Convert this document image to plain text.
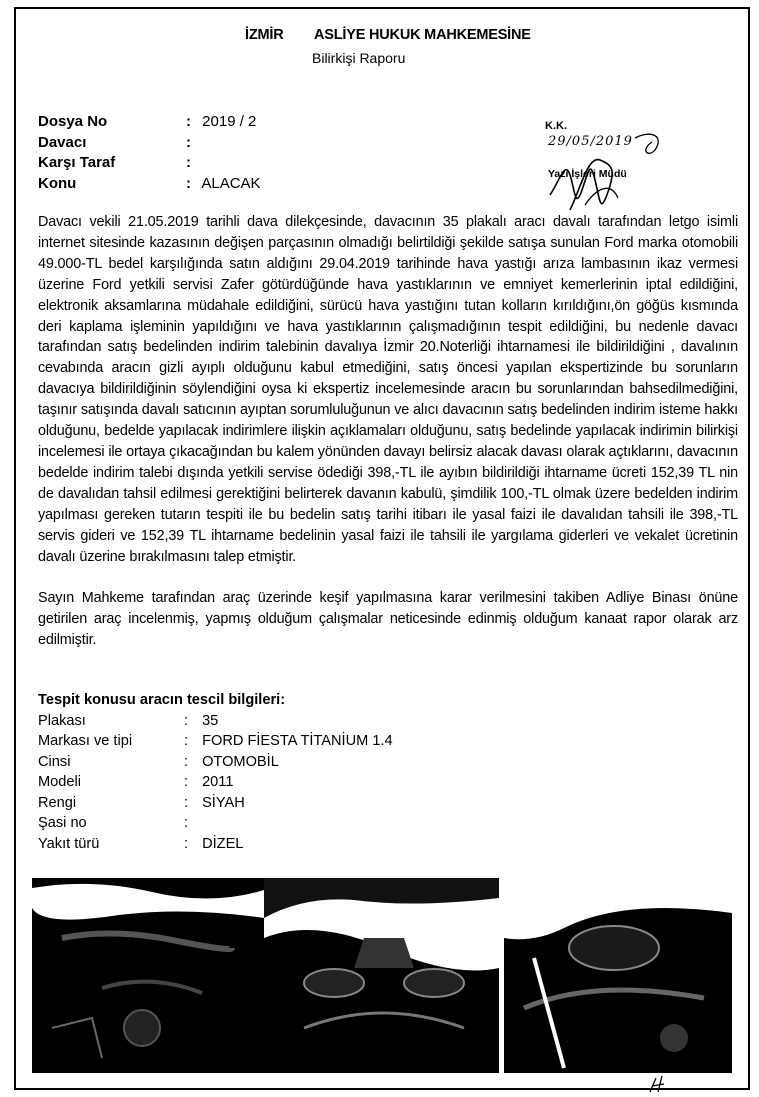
İZMİR ASLİYE HUKUK MAHKEMESİNE
Bilirkişi Raporu
Dosya No	: 2019 / 2
Davacı	:
Karşı Taraf	:
Konu	: ALACAK
K.K.
29/05/2019
Yazı İşleri Müdü

Davacı vekili 21.05.2019 tarihli dava dilekçesinde, davacının 35 plakalı aracı davalı tarafından letgo isimli internet sitesinde kazasının değişen parçasının olmadığı belirtildiği şekilde satışa sunulan Ford marka otomobili 49.000-TL bedel karşılığında satın aldığını 29.04.2019 tarihinde hava yastığı arıza lambasının ikaz vermesi üzerine Ford yetkili servisi Zafer götürdüğünde hava yastıklarının ve emniyet kemerlerinin iptal edildiğini, elektronik aksamlarına müdahale edildiğini, sürücü hava yastığını tutan kolların kırıldığını,ön göğüs kısmında deri kaplama işleminin yapıldığını ve hava yastıklarının çalışmadığının tespit edildiğini, bu nedenle davacı tarafından satış bedelinden indirim talebinin davalıya İzmir 20.Noterliği ihtarnamesi ile bildirildiğini , davalının cevabında aracın gizli ayıplı olduğunu kabul etmediğini, satış öncesi yapılan ekspertizinde bu sorunların davacıya bildirildiğinin söylendiğini oysa ki ekspertiz incelemesinde aracın bu sorunlarından bahsedilmediğini, taşınır satışında davalı satıcının ayıptan sorumluluğunun ve alıcı davacının satış bedelinden indirim isteme hakkı olduğunu, bedelde yapılacak indirimlere ilişkin açıklamaları olduğunu, satış bedelinde yapılacak indirimin bilirkişi incelemesi ile ortaya çıkacağından bu kalem yönünden davayı belirsiz alacak davası olarak açtıklarını, davacının bedelde indirim talebi dışında yetkili servise ödediği 398,-TL ile ayıbın bildirildiği ihtarname ücreti 152,39 TL nin de davalıdan tahsil edilmesi gerektiğini belirterek davanın kabulü, şimdilik 100,-TL olmak üzere bedelden indirim yapılması gereken tutarın tespiti ile bu bedelin satış tarihi itibarı ile yasal faizi ile davalıdan tahsili ile 398,-TL servis gideri ve 152,39 TL ihtarname bedelinin yasal faizi ile tahsili ile yargılama giderleri ve vekalet ücretinin davalı üzerine bırakılmasını talep etmiştir.

Sayın Mahkeme tarafından araç üzerinde keşif yapılmasına karar verilmesini takiben Adliye Binası önüne getirilen araç incelenmiş, yapmış olduğum çalışmalar neticesinde edinmiş olduğum kanaat rapor olarak arz edilmiştir.

Tespit konusu aracın tescil bilgileri:
Plakası	: 35
Markası ve tipi	: FORD FİESTA TİTANİUM 1.4
Cinsi	: OTOMOBİL
Modeli	: 2011
Rengi	: SİYAH
Şasi no	:
Yakıt türü	: DİZEL
